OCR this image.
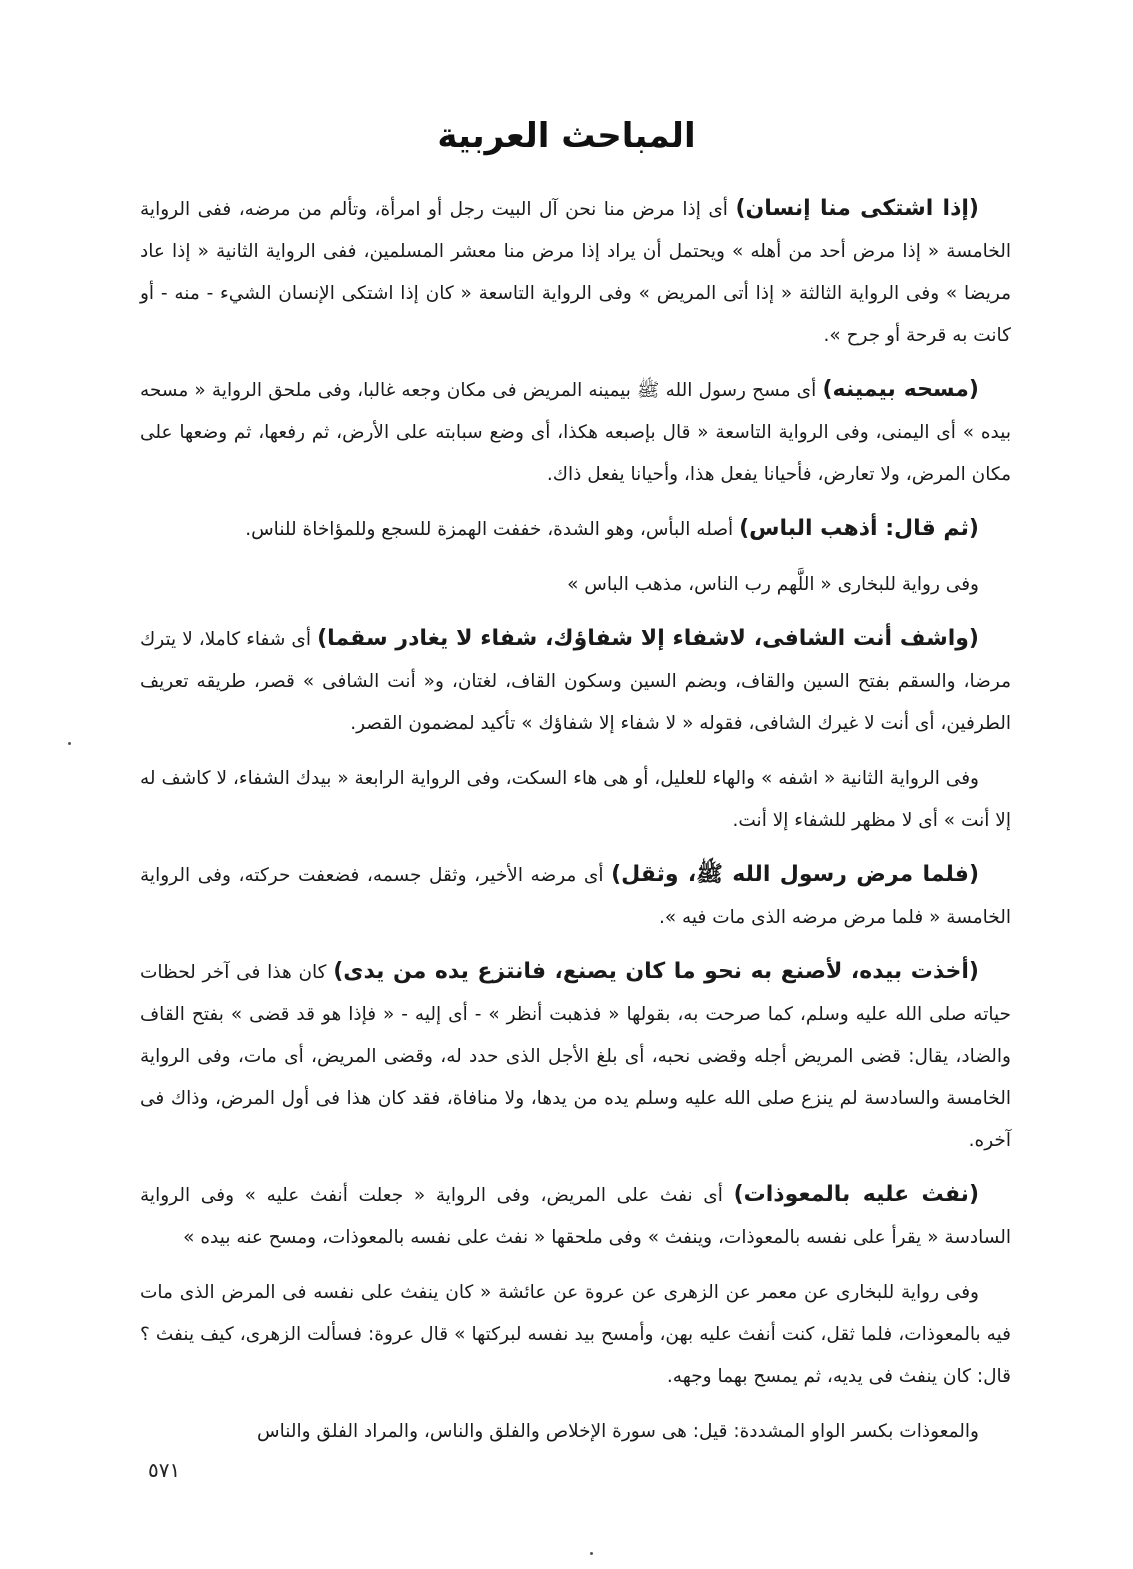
المباحث العربية

(إذا اشتكى منا إنسان) أى إذا مرض منا نحن آل البيت رجل أو امرأة، وتألم من مرضه، ففى الرواية الخامسة « إذا مرض أحد من أهله » ويحتمل أن يراد إذا مرض منا معشر المسلمين، ففى الرواية الثانية « إذا عاد مريضا » وفى الرواية الثالثة « إذا أتى المريض » وفى الرواية التاسعة « كان إذا اشتكى الإنسان الشيء - منه - أو كانت به قرحة أو جرح ».

(مسحه بيمينه) أى مسح رسول الله ﷺ بيمينه المريض فى مكان وجعه غالبا، وفى ملحق الرواية « مسحه بيده » أى اليمنى، وفى الرواية التاسعة « قال بإصبعه هكذا، أى وضع سبابته على الأرض، ثم رفعها، ثم وضعها على مكان المرض، ولا تعارض، فأحيانا يفعل هذا، وأحيانا يفعل ذاك.

(ثم قال: أذهب الباس) أصله البأس، وهو الشدة، خففت الهمزة للسجع وللمؤاخاة للناس.

وفى رواية للبخارى « اللَّهم رب الناس، مذهب الباس »

(واشف أنت الشافى، لاشفاء إلا شفاؤك، شفاء لا يغادر سقما) أى شفاء كاملا، لا يترك مرضا، والسقم بفتح السين والقاف، وبضم السين وسكون القاف، لغتان، و« أنت الشافى » قصر، طريقه تعريف الطرفين، أى أنت لا غيرك الشافى، فقوله « لا شفاء إلا شفاؤك » تأكيد لمضمون القصر.

وفى الرواية الثانية « اشفه » والهاء للعليل، أو هى هاء السكت، وفى الرواية الرابعة « بيدك الشفاء، لا كاشف له إلا أنت » أى لا مظهر للشفاء إلا أنت.

(فلما مرض رسول الله ﷺ، وثقل) أى مرضه الأخير، وثقل جسمه، فضعفت حركته، وفى الرواية الخامسة « فلما مرض مرضه الذى مات فيه ».

(أخذت بيده، لأصنع به نحو ما كان يصنع، فانتزع يده من يدى) كان هذا فى آخر لحظات حياته صلى الله عليه وسلم، كما صرحت به، بقولها « فذهبت أنظر » - أى إليه - « فإذا هو قد قضى » بفتح القاف والضاد، يقال: قضى المريض أجله وقضى نحبه، أى بلغ الأجل الذى حدد له، وقضى المريض، أى مات، وفى الرواية الخامسة والسادسة لم ينزع صلى الله عليه وسلم يده من يدها، ولا منافاة، فقد كان هذا فى أول المرض، وذاك فى آخره.

(نفث عليه بالمعوذات) أى نفث على المريض، وفى الرواية « جعلت أنفث عليه » وفى الرواية السادسة « يقرأ على نفسه بالمعوذات، وينفث » وفى ملحقها « نفث على نفسه بالمعوذات، ومسح عنه بيده »

وفى رواية للبخارى عن معمر عن الزهرى عن عروة عن عائشة « كان ينفث على نفسه فى المرض الذى مات فيه بالمعوذات، فلما ثقل، كنت أنفث عليه بهن، وأمسح بيد نفسه لبركتها » قال عروة: فسألت الزهرى، كيف ينفث ؟ قال: كان ينفث فى يديه، ثم يمسح بهما وجهه.

والمعوذات بكسر الواو المشددة: قيل: هى سورة الإخلاص والفلق والناس، والمراد الفلق والناس

٥٧١
